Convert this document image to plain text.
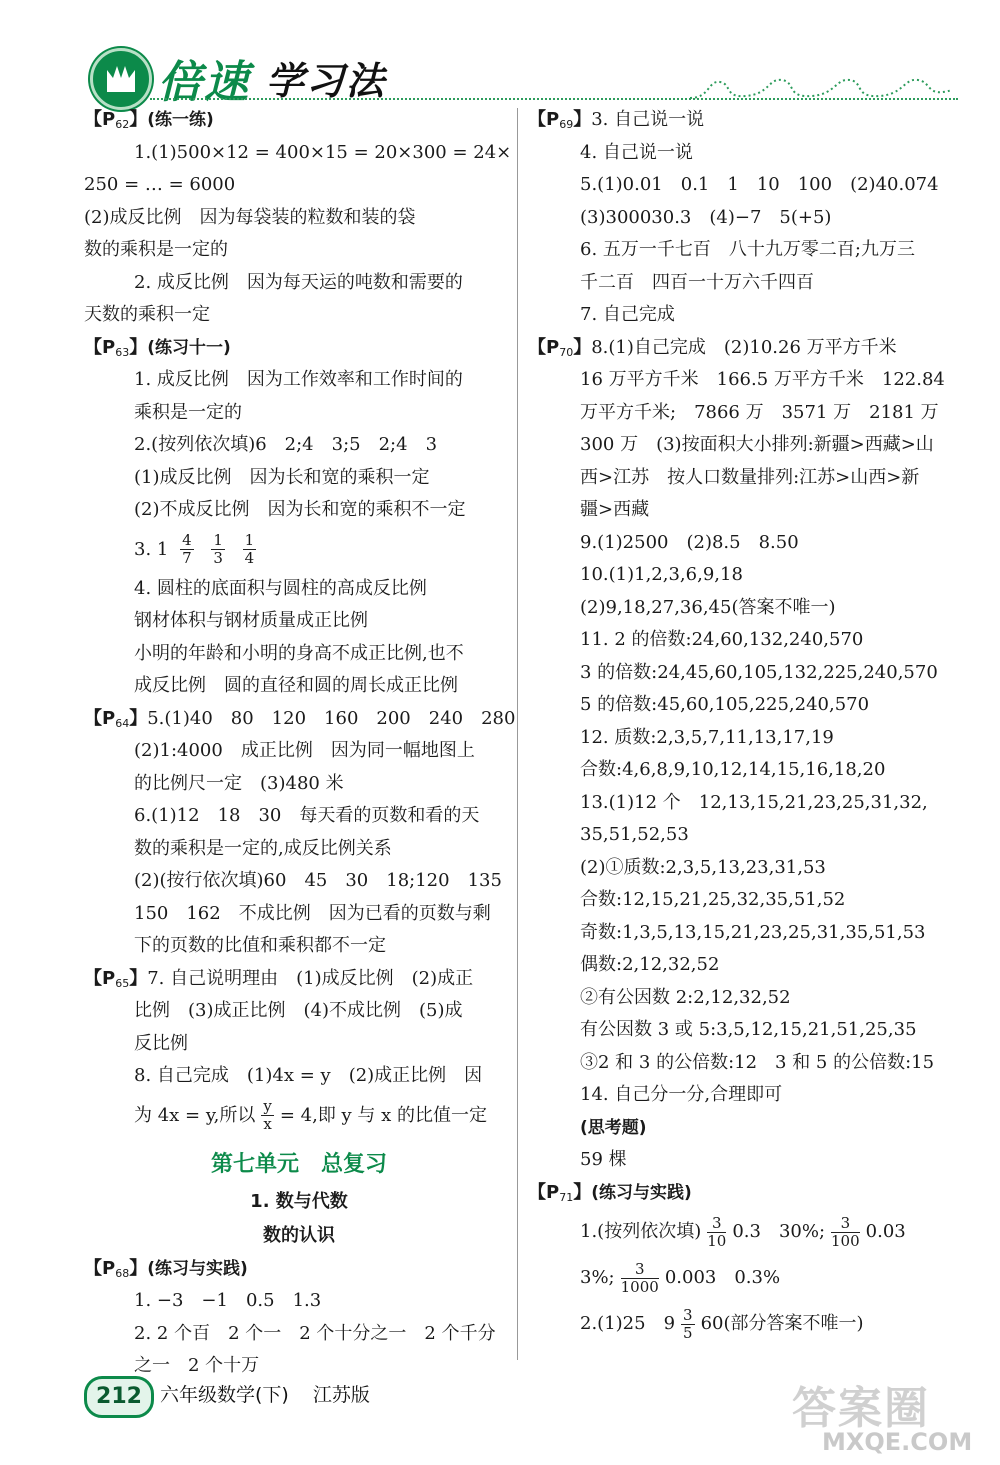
倍速 学习法
【P62】(练一练)
1.(1)500×12 = 400×15 = 20×300 = 24×
250 = … = 6000
(2)成反比例　因为每袋装的粒数和装的袋
数的乘积是一定的
2. 成反比例　因为每天运的吨数和需要的
天数的乘积一定
【P63】(练习十一)
1. 成反比例　因为工作效率和工作时间的
乘积是一定的
2.(按列依次填)6　2;4　3;5　2;4　3
(1)成反比例　因为长和宽的乘积一定
(2)不成反比例　因为长和宽的乘积不一定
3. $1 \frac{4}{7}$
$\frac{1}{3}$
$\frac{1}{4}$
4. 圆柱的底面积与圆柱的高成反比例
钢材体积与钢材质量成正比例
小明的年龄和小明的身高不成正比例,也不
成反比例　圆的直径和圆的周长成正比例
【P64】5.(1)40　80　120　160　200　240　280
(2)1:4000　成正比例　因为同一幅地图上
的比例尺一定　(3)480 米
6.(1)12　18　30　每天看的页数和看的天
数的乘积是一定的,成反比例关系
(2)(按行依次填)60　45　30　18;120　135
150　162　不成比例　因为已看的页数与剩
下的页数的比值和乘积都不一定
【P65】7. 自己说明理由　(1)成反比例　(2)成正
比例　(3)成正比例　(4)不成比例　(5)成
反比例
8. 自己完成　(1)4x = y　(2)成正比例　因
为 4x = y,所以 $\frac{y}{x} = 4$,即 y 与 x 的比值一定
第七单元　总复习
1. 数与代数
数的认识
【P68】(练习与实践)
1. −3　−1　0.5　1.3
2. 2 个百　2 个一　2 个十分之一　2 个千分
之一　2 个十万
【P69】3. 自己说一说
4. 自己说一说
5.(1)0.01　0.1　1　10　100　(2)40.074
(3)300030.3　(4)−7　5(+5)
6. 五万一千七百　八十九万零二百;九万三
千二百　四百一十万六千四百
7. 自己完成
【P70】8.(1)自己完成　(2)10.26 万平方千米
16 万平方千米　166.5 万平方千米　122.84
万平方千米;　7866 万　3571 万　2181 万
300 万　(3)按面积大小排列:新疆>西藏>山
西>江苏　按人口数量排列:江苏>山西>新
疆>西藏
9.(1)2500　(2)8.5　8.50
10.(1)1,2,3,6,9,18
(2)9,18,27,36,45(答案不唯一)
11. 2 的倍数:24,60,132,240,570
3 的倍数:24,45,60,105,132,225,240,570
5 的倍数:45,60,105,225,240,570
12. 质数:2,3,5,7,11,13,17,19
合数:4,6,8,9,10,12,14,15,16,18,20
13.(1)12 个　12,13,15,21,23,25,31,32,
35,51,52,53
(2)①质数:2,3,5,13,23,31,53
合数:12,15,21,25,32,35,51,52
奇数:1,3,5,13,15,21,23,25,31,35,51,53
偶数:2,12,32,52
②有公因数 2:2,12,32,52
有公因数 3 或 5:3,5,12,15,21,51,25,35
③2 和 3 的公倍数:12　3 和 5 的公倍数:15
14. 自己分一分,合理即可
(思考题)
59 棵
【P71】(练习与实践)
1.(按列依次填) $\frac{3}{10} 0.3$　30%; $\frac{3}{100} 0.03$
3%; $\frac{3}{1000} 0.003$　0.3%
2.(1)25　$9 \frac{3}{5} 60$(部分答案不唯一)
212 六年级数学(下) 江苏版	答案圈
MXQE.COM
